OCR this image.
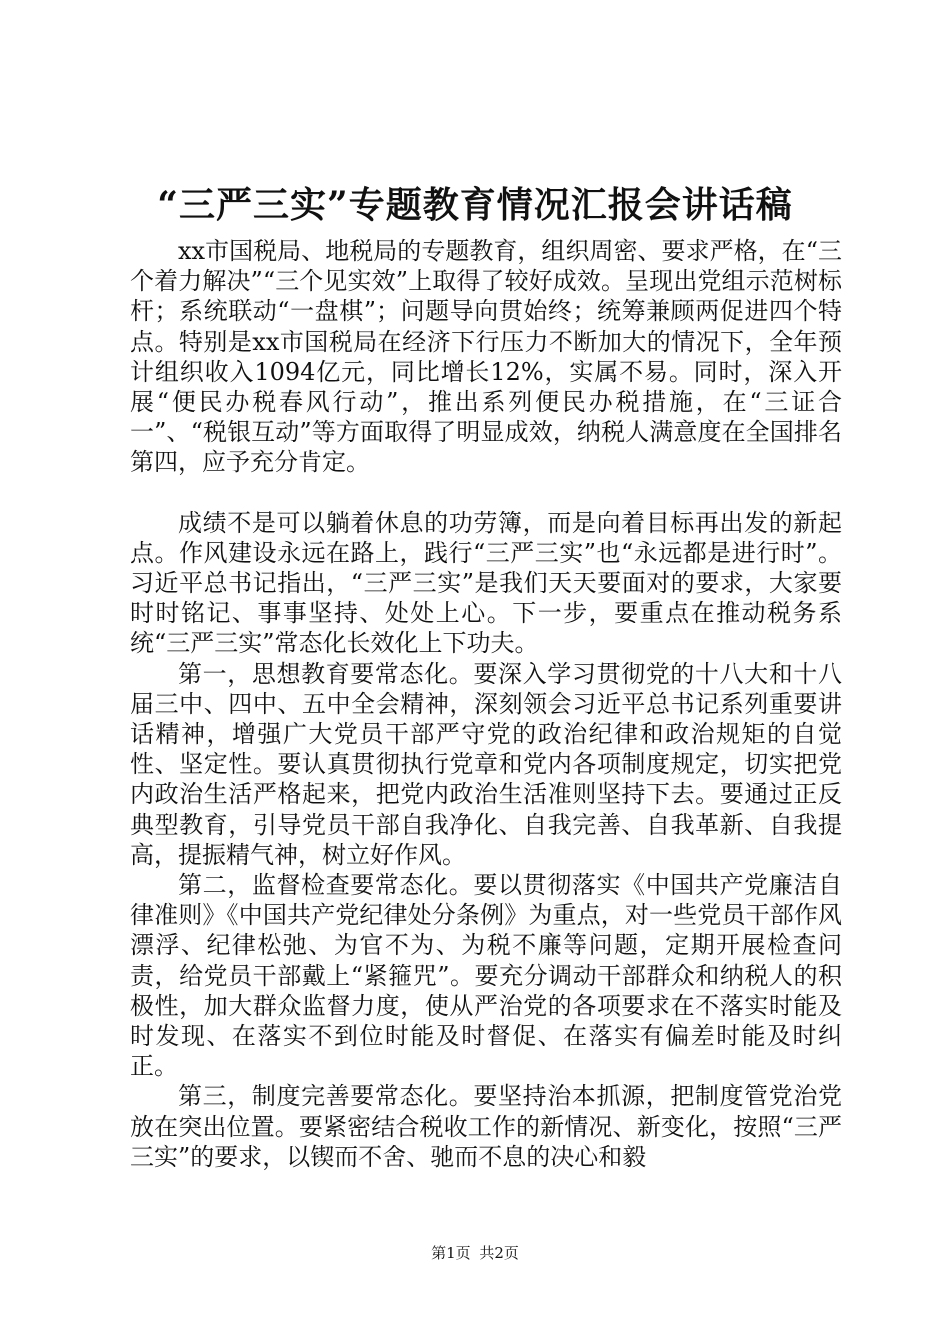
“三严三实”专题教育情况汇报会讲话稿

xx市国税局、地税局的专题教育，组织周密、要求严格，在“三个着力解决”“三个见实效”上取得了较好成效。呈现出党组示范树标杆；系统联动“一盘棋”；问题导向贯始终；统筹兼顾两促进四个特点。特别是xx市国税局在经济下行压力不断加大的情况下，全年预计组织收入1094亿元，同比增长12%，实属不易。同时，深入开展“便民办税春风行动”，推出系列便民办税措施，在“三证合一”、“税银互动”等方面取得了明显成效，纳税人满意度在全国排名第四，应予充分肯定。

成绩不是可以躺着休息的功劳簿，而是向着目标再出发的新起点。作风建设永远在路上，践行“三严三实”也“永远都是进行时”。习近平总书记指出，“三严三实”是我们天天要面对的要求，大家要时时铭记、事事坚持、处处上心。下一步，要重点在推动税务系统“三严三实”常态化长效化上下功夫。

第一，思想教育要常态化。要深入学习贯彻党的十八大和十八届三中、四中、五中全会精神，深刻领会习近平总书记系列重要讲话精神，增强广大党员干部严守党的政治纪律和政治规矩的自觉性、坚定性。要认真贯彻执行党章和党内各项制度规定，切实把党内政治生活严格起来，把党内政治生活准则坚持下去。要通过正反典型教育，引导党员干部自我净化、自我完善、自我革新、自我提高，提振精气神，树立好作风。

第二，监督检查要常态化。要以贯彻落实《中国共产党廉洁自律准则》《中国共产党纪律处分条例》为重点，对一些党员干部作风漂浮、纪律松弛、为官不为、为税不廉等问题，定期开展检查问责，给党员干部戴上“紧箍咒”。要充分调动干部群众和纳税人的积极性，加大群众监督力度，使从严治党的各项要求在不落实时能及时发现、在落实不到位时能及时督促、在落实有偏差时能及时纠正。

第三，制度完善要常态化。要坚持治本抓源，把制度管党治党放在突出位置。要紧密结合税收工作的新情况、新变化，按照“三严三实”的要求，以锲而不舍、驰而不息的决心和毅

第1页 共2页
